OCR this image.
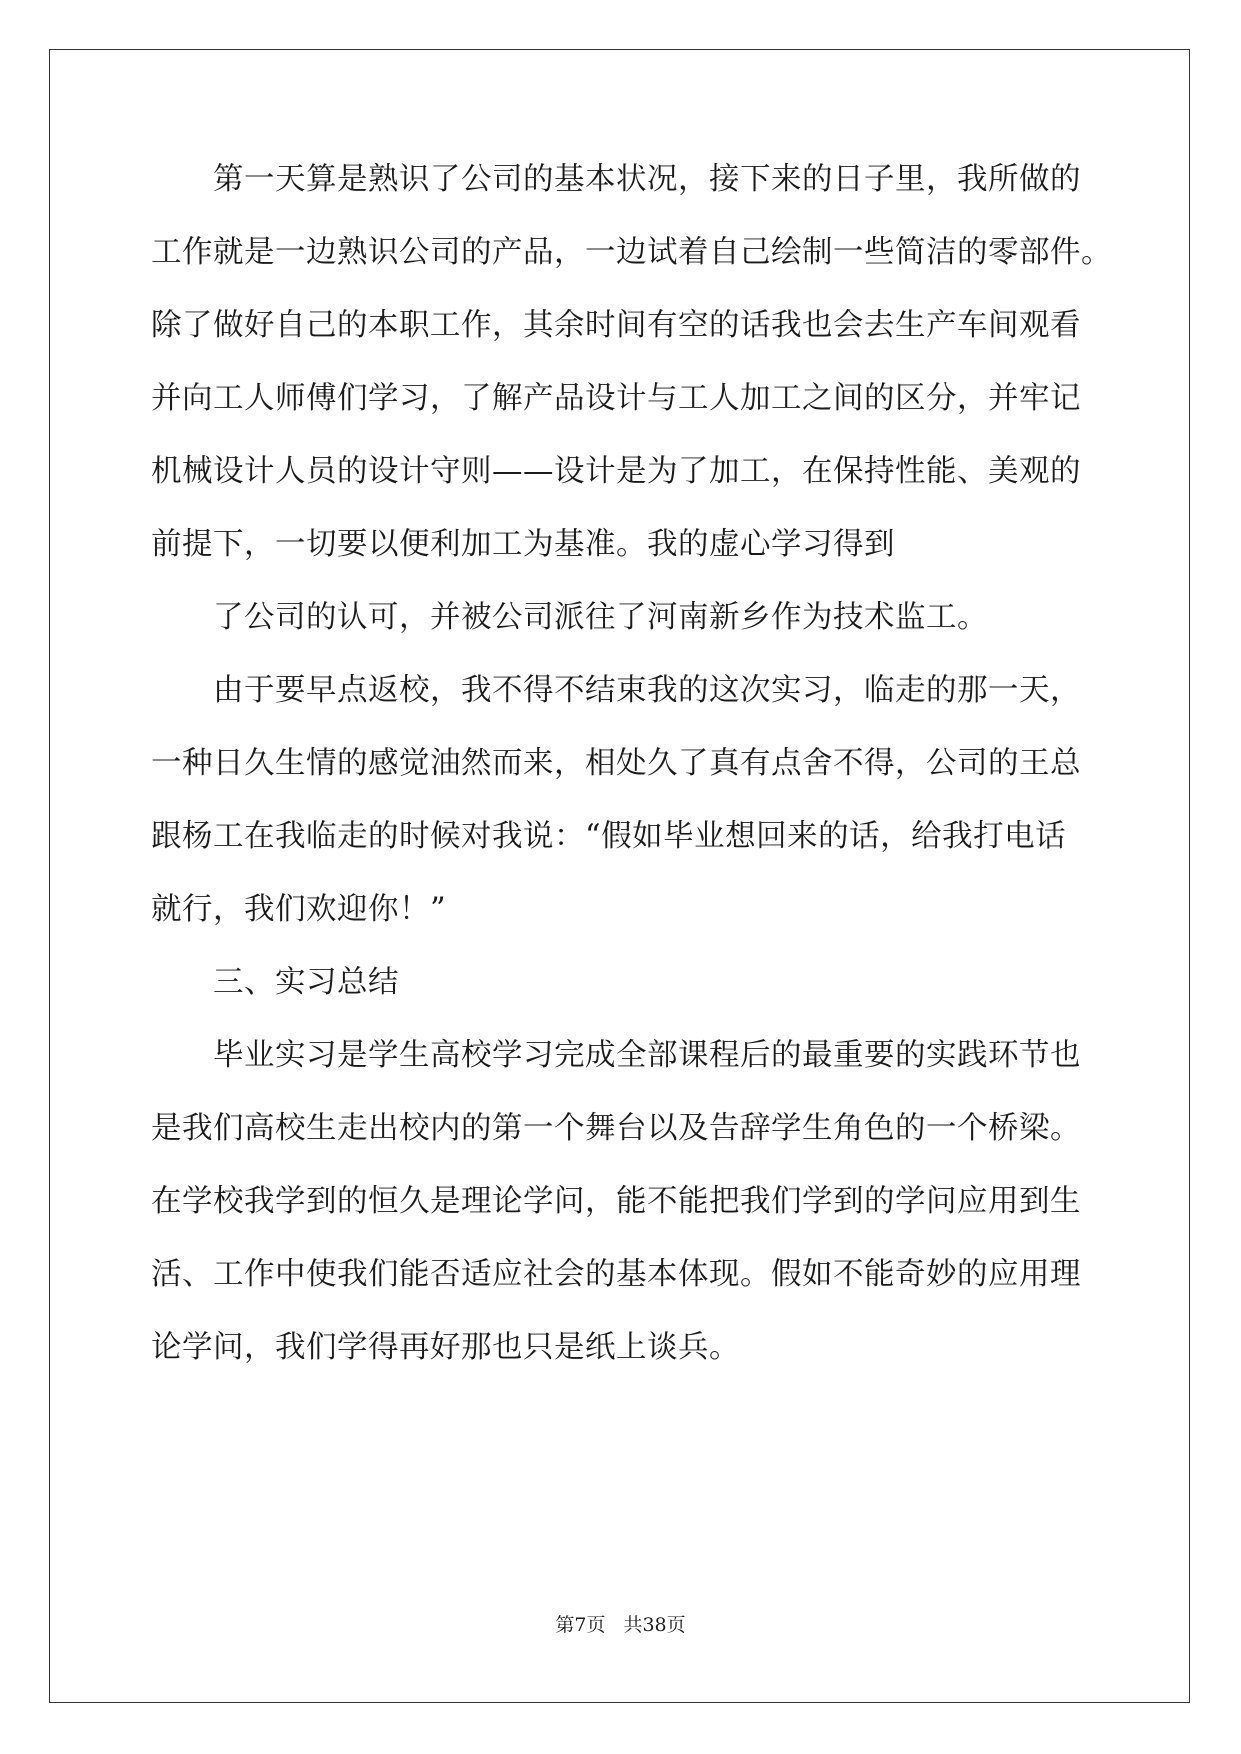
第一天算是熟识了公司的基本状况，接下来的日子里，我所做的
工作就是一边熟识公司的产品，一边试着自己绘制一些简洁的零部件。
除了做好自己的本职工作，其余时间有空的话我也会去生产车间观看
并向工人师傅们学习，了解产品设计与工人加工之间的区分，并牢记
机械设计人员的设计守则——设计是为了加工，在保持性能、美观的
前提下，一切要以便利加工为基准。我的虚心学习得到
了公司的认可，并被公司派往了河南新乡作为技术监工。
由于要早点返校，我不得不结束我的这次实习，临走的那一天，
一种日久生情的感觉油然而来，相处久了真有点舍不得，公司的王总
跟杨工在我临走的时候对我说：“假如毕业想回来的话，给我打电话
就行，我们欢迎你！”
三、实习总结
毕业实习是学生高校学习完成全部课程后的最重要的实践环节也
是我们高校生走出校内的第一个舞台以及告辞学生角色的一个桥梁。
在学校我学到的恒久是理论学问，能不能把我们学到的学问应用到生
活、工作中使我们能否适应社会的基本体现。假如不能奇妙的应用理
论学问，我们学得再好那也只是纸上谈兵。
第7页 共38页
